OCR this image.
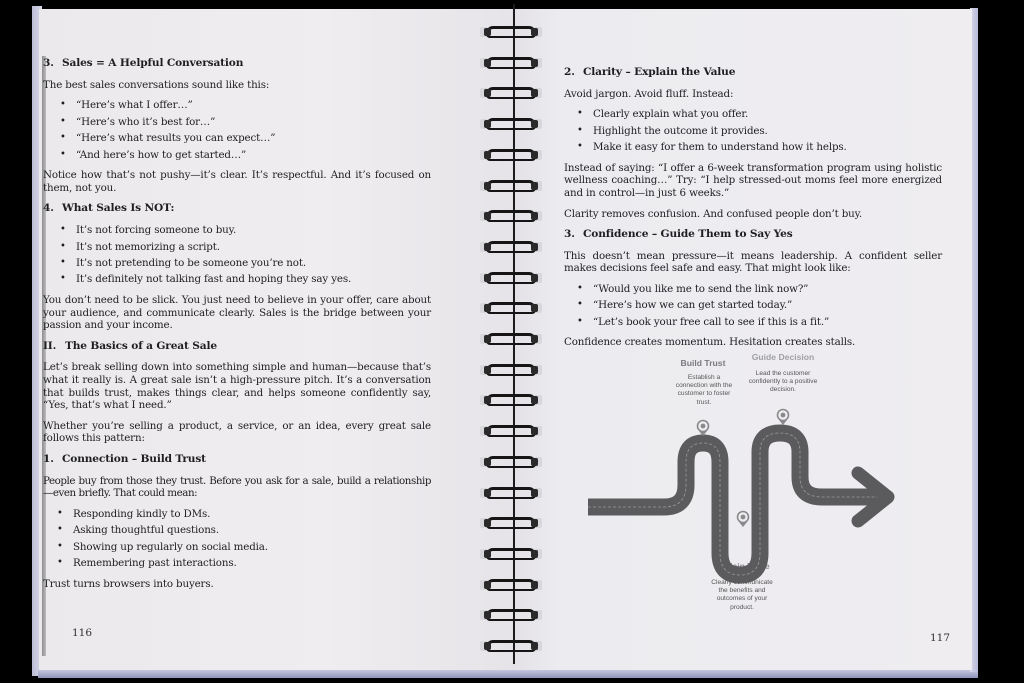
3. Sales = A Helpful Conversation

The best sales conversations sound like this:

• “Here’s what I offer…”
• “Here’s who it’s best for…”
• “Here’s what results you can expect…”
• “And here’s how to get started…”

Notice how that’s not pushy—it’s clear. It’s respectful. And it’s focused on them, not you.

4. What Sales Is NOT:
• It’s not forcing someone to buy.
• It’s not memorizing a script.
• It’s not pretending to be someone you’re not.
• It’s definitely not talking fast and hoping they say yes.

You don’t need to be slick. You just need to believe in your offer, care about your audience, and communicate clearly. Sales is the bridge between your passion and your income.

II. The Basics of a Great Sale

Let’s break selling down into something simple and human—because that’s what it really is. A great sale isn’t a high-pressure pitch. It’s a conversation that builds trust, makes things clear, and helps someone confidently say, “Yes, that’s what I need.”

Whether you’re selling a product, a service, or an idea, every great sale follows this pattern:

1. Connection – Build Trust

People buy from those they trust. Before you ask for a sale, build a relationship—even briefly. That could mean:

• Responding kindly to DMs.
• Asking thoughtful questions.
• Showing up regularly on social media.
• Remembering past interactions.

Trust turns browsers into buyers.

116
2. Clarity – Explain the Value

Avoid jargon. Avoid fluff. Instead:

• Clearly explain what you offer.
• Highlight the outcome it provides.
• Make it easy for them to understand how it helps.

Instead of saying: “I offer a 6-week transformation program using holistic wellness coaching…” Try: “I help stressed-out moms feel more energized and in control—in just 6 weeks.”

Clarity removes confusion. And confused people don’t buy.

3. Confidence – Guide Them to Say Yes

This doesn’t mean pressure—it means leadership. A confident seller makes decisions feel safe and easy. That might look like:

• “Would you like me to send the link now?”
• “Here’s how we can get started today.”
• “Let’s book your free call to see if this is a fit.”

Confidence creates momentum. Hesitation creates stalls.

117
Build Trust
Establish a connection with the customer to foster trust.
Guide Decision
Lead the customer confidently to a positive decision.
Explain Value
Clearly communicate the benefits and outcomes of your product.
